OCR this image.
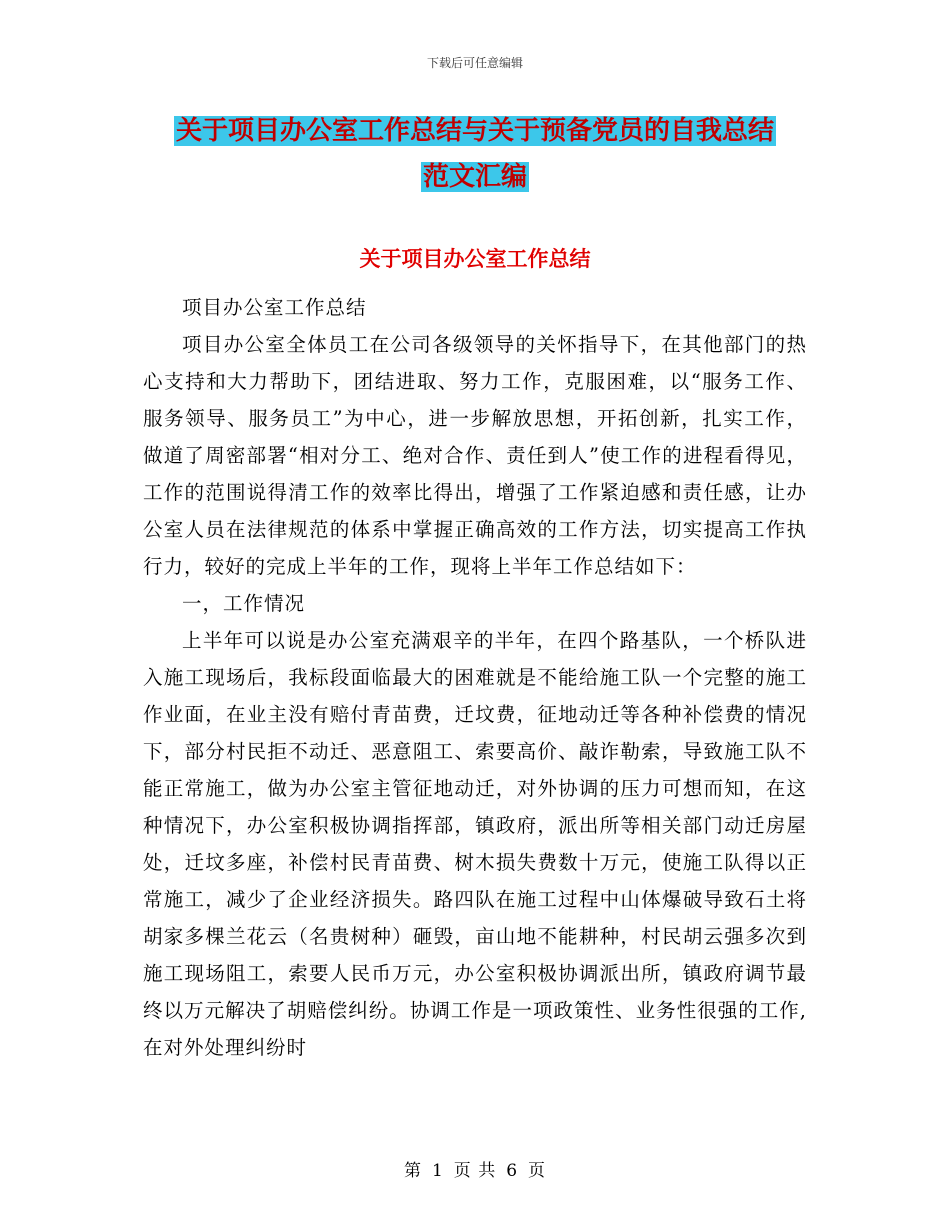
下载后可任意编辑
关于项目办公室工作总结与关于预备党员的自我总结
范文汇编
关于项目办公室工作总结

项目办公室工作总结

项目办公室全体员工在公司各级领导的关怀指导下，在其他部门的热心支持和大力帮助下，团结进取、努力工作，克服困难，以“服务工作、服务领导、服务员工”为中心，进一步解放思想，开拓创新，扎实工作，做道了周密部署“相对分工、绝对合作、责任到人”使工作的进程看得见，工作的范围说得清工作的效率比得出，增强了工作紧迫感和责任感，让办公室人员在法律规范的体系中掌握正确高效的工作方法，切实提高工作执行力，较好的完成上半年的工作，现将上半年工作总结如下：

一，工作情况

上半年可以说是办公室充满艰辛的半年，在四个路基队，一个桥队进入施工现场后，我标段面临最大的困难就是不能给施工队一个完整的施工作业面，在业主没有赔付青苗费，迁坟费，征地动迁等各种补偿费的情况下，部分村民拒不动迁、恶意阻工、索要高价、敲诈勒索，导致施工队不能正常施工，做为办公室主管征地动迁，对外协调的压力可想而知，在这种情况下，办公室积极协调指挥部，镇政府，派出所等相关部门动迁房屋处，迁坟多座，补偿村民青苗费、树木损失费数十万元，使施工队得以正常施工，减少了企业经济损失。路四队在施工过程中山体爆破导致石土将胡家多棵兰花云（名贵树种）砸毁，亩山地不能耕种，村民胡云强多次到施工现场阻工，索要人民币万元，办公室积极协调派出所，镇政府调节最终以万元解决了胡赔偿纠纷。协调工作是一项政策性、业务性很强的工作,在对外处理纠纷时

第 1 页 共 6 页
